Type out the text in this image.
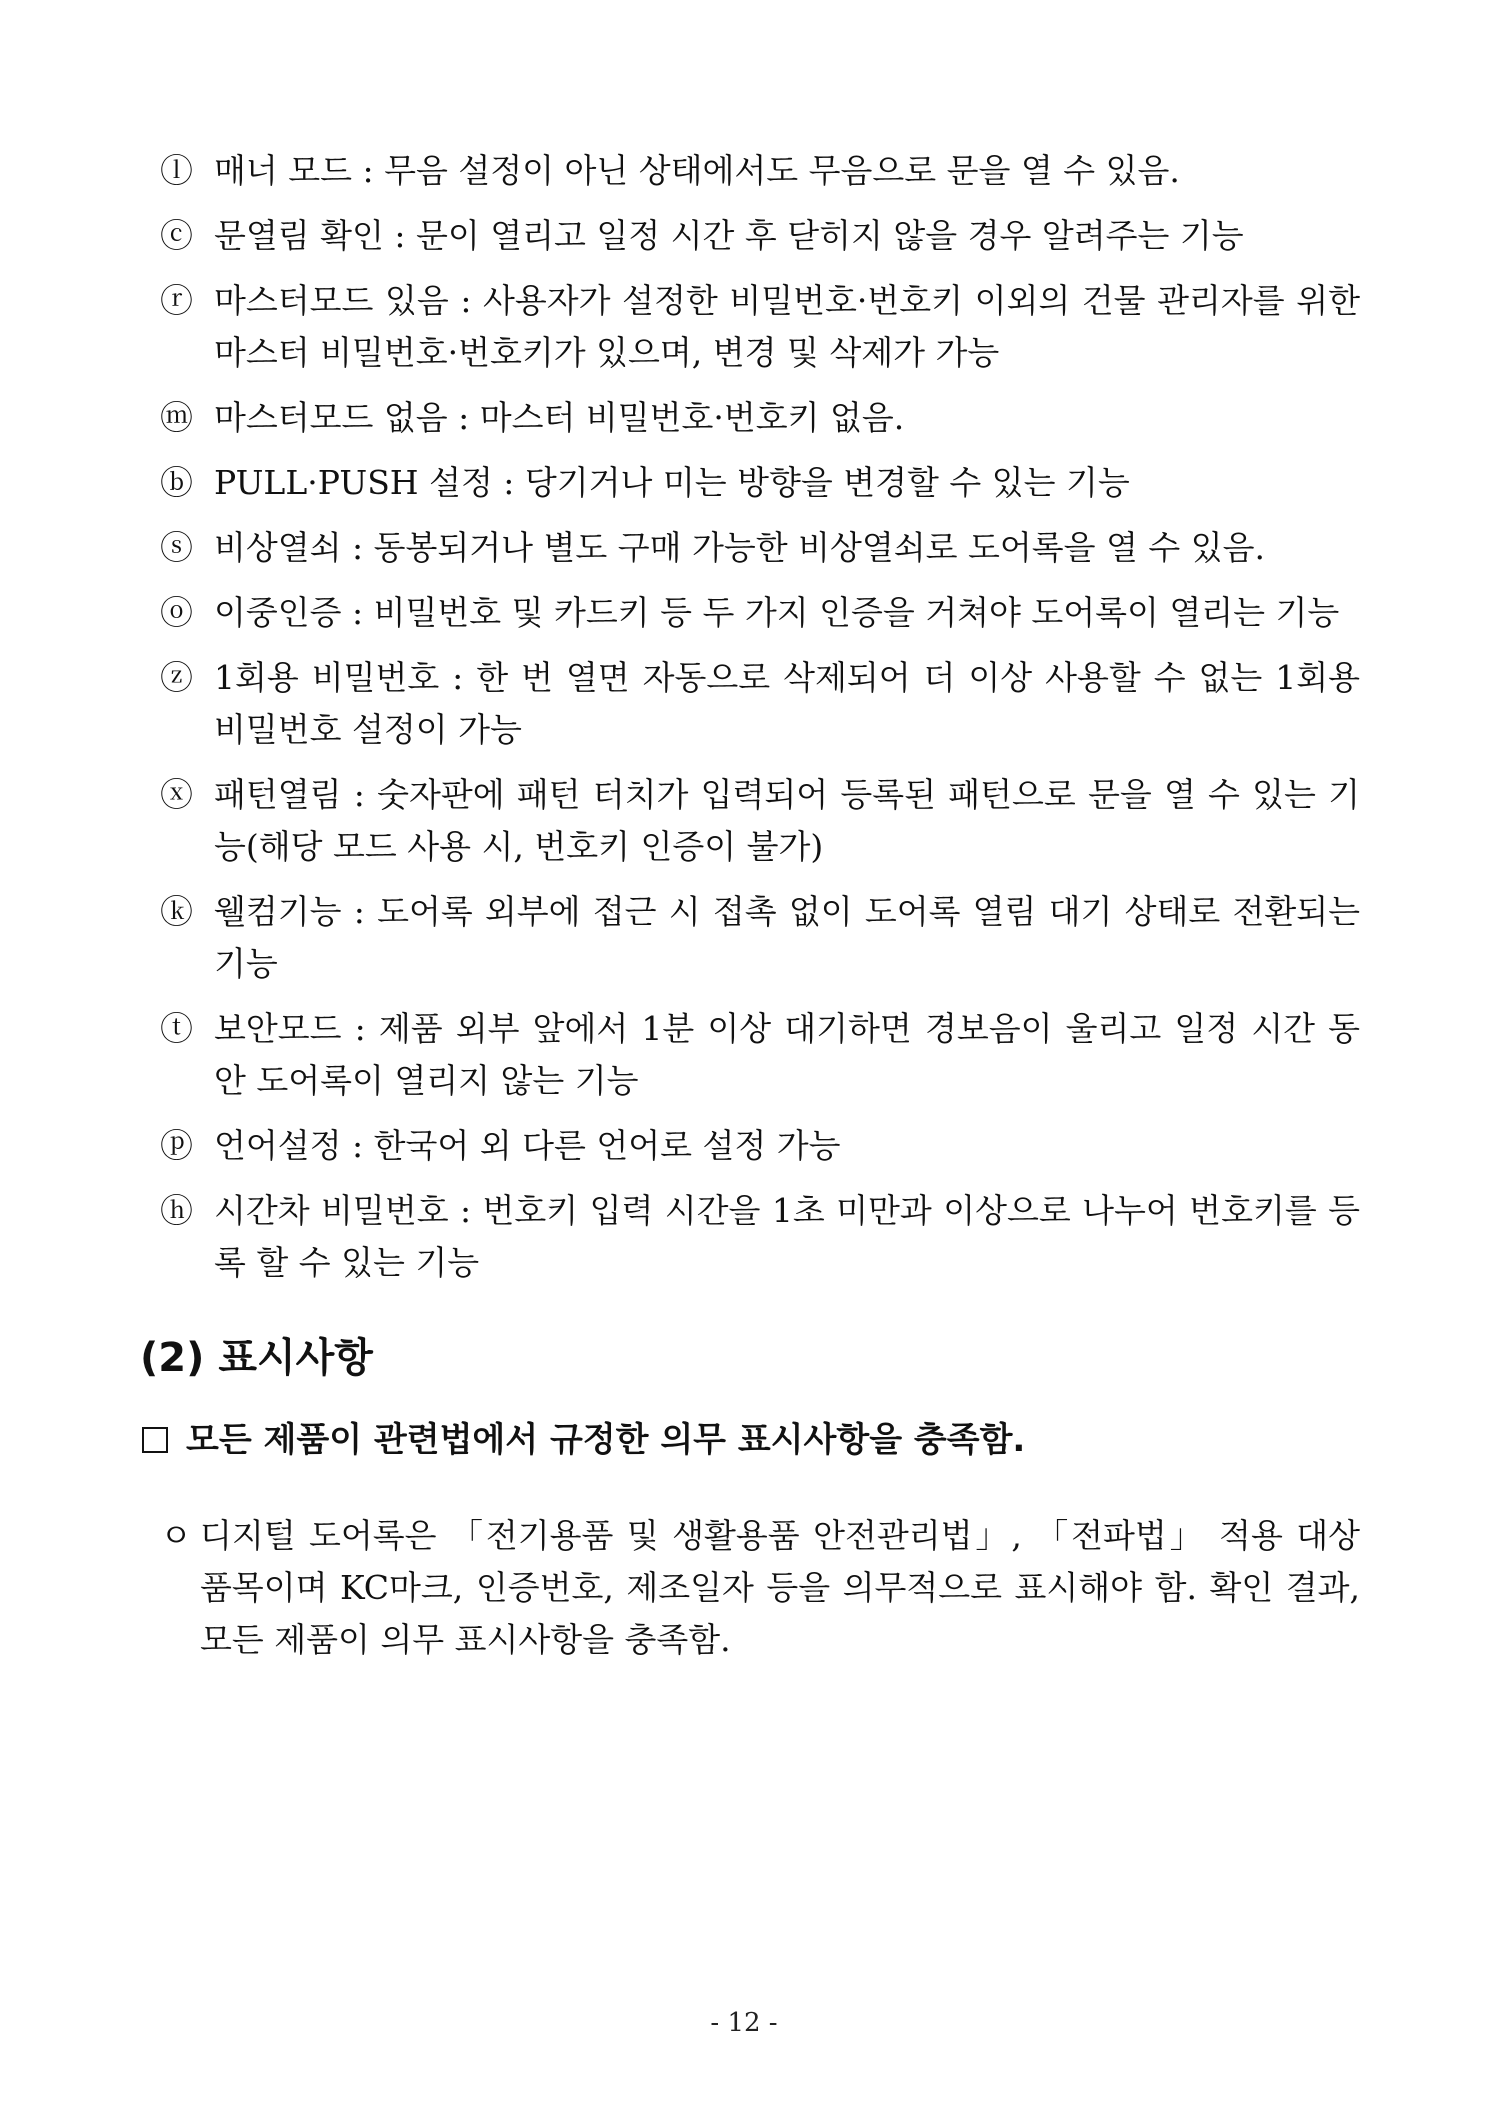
ⓛ 매너 모드 : 무음 설정이 아닌 상태에서도 무음으로 문을 열 수 있음.
ⓒ 문열림 확인 : 문이 열리고 일정 시간 후 닫히지 않을 경우 알려주는 기능
ⓡ 마스터모드 있음 : 사용자가 설정한 비밀번호·번호키 이외의 건물 관리자를 위한 마스터 비밀번호·번호키가 있으며, 변경 및 삭제가 가능
ⓜ 마스터모드 없음 : 마스터 비밀번호·번호키 없음.
ⓑ PULL·PUSH 설정 : 당기거나 미는 방향을 변경할 수 있는 기능
ⓢ 비상열쇠 : 동봉되거나 별도 구매 가능한 비상열쇠로 도어록을 열 수 있음.
ⓞ 이중인증 : 비밀번호 및 카드키 등 두 가지 인증을 거쳐야 도어록이 열리는 기능
ⓩ 1회용 비밀번호 : 한 번 열면 자동으로 삭제되어 더 이상 사용할 수 없는 1회용 비밀번호 설정이 가능
ⓧ 패턴열림 : 숫자판에 패턴 터치가 입력되어 등록된 패턴으로 문을 열 수 있는 기능(해당 모드 사용 시, 번호키 인증이 불가)
ⓚ 웰컴기능 : 도어록 외부에 접근 시 접촉 없이 도어록 열림 대기 상태로 전환되는 기능
ⓣ 보안모드 : 제품 외부 앞에서 1분 이상 대기하면 경보음이 울리고 일정 시간 동안 도어록이 열리지 않는 기능
ⓟ 언어설정 : 한국어 외 다른 언어로 설정 가능
ⓗ 시간차 비밀번호 : 번호키 입력 시간을 1초 미만과 이상으로 나누어 번호키를 등록 할 수 있는 기능
(2) 표시사항
모든 제품이 관련법에서 규정한 의무 표시사항을 충족함.
ㅇ 디지털 도어록은 「전기용품 및 생활용품 안전관리법」, 「전파법」 적용 대상 품목이며 KC마크, 인증번호, 제조일자 등을 의무적으로 표시해야 함. 확인 결과, 모든 제품이 의무 표시사항을 충족함.
- 12 -
